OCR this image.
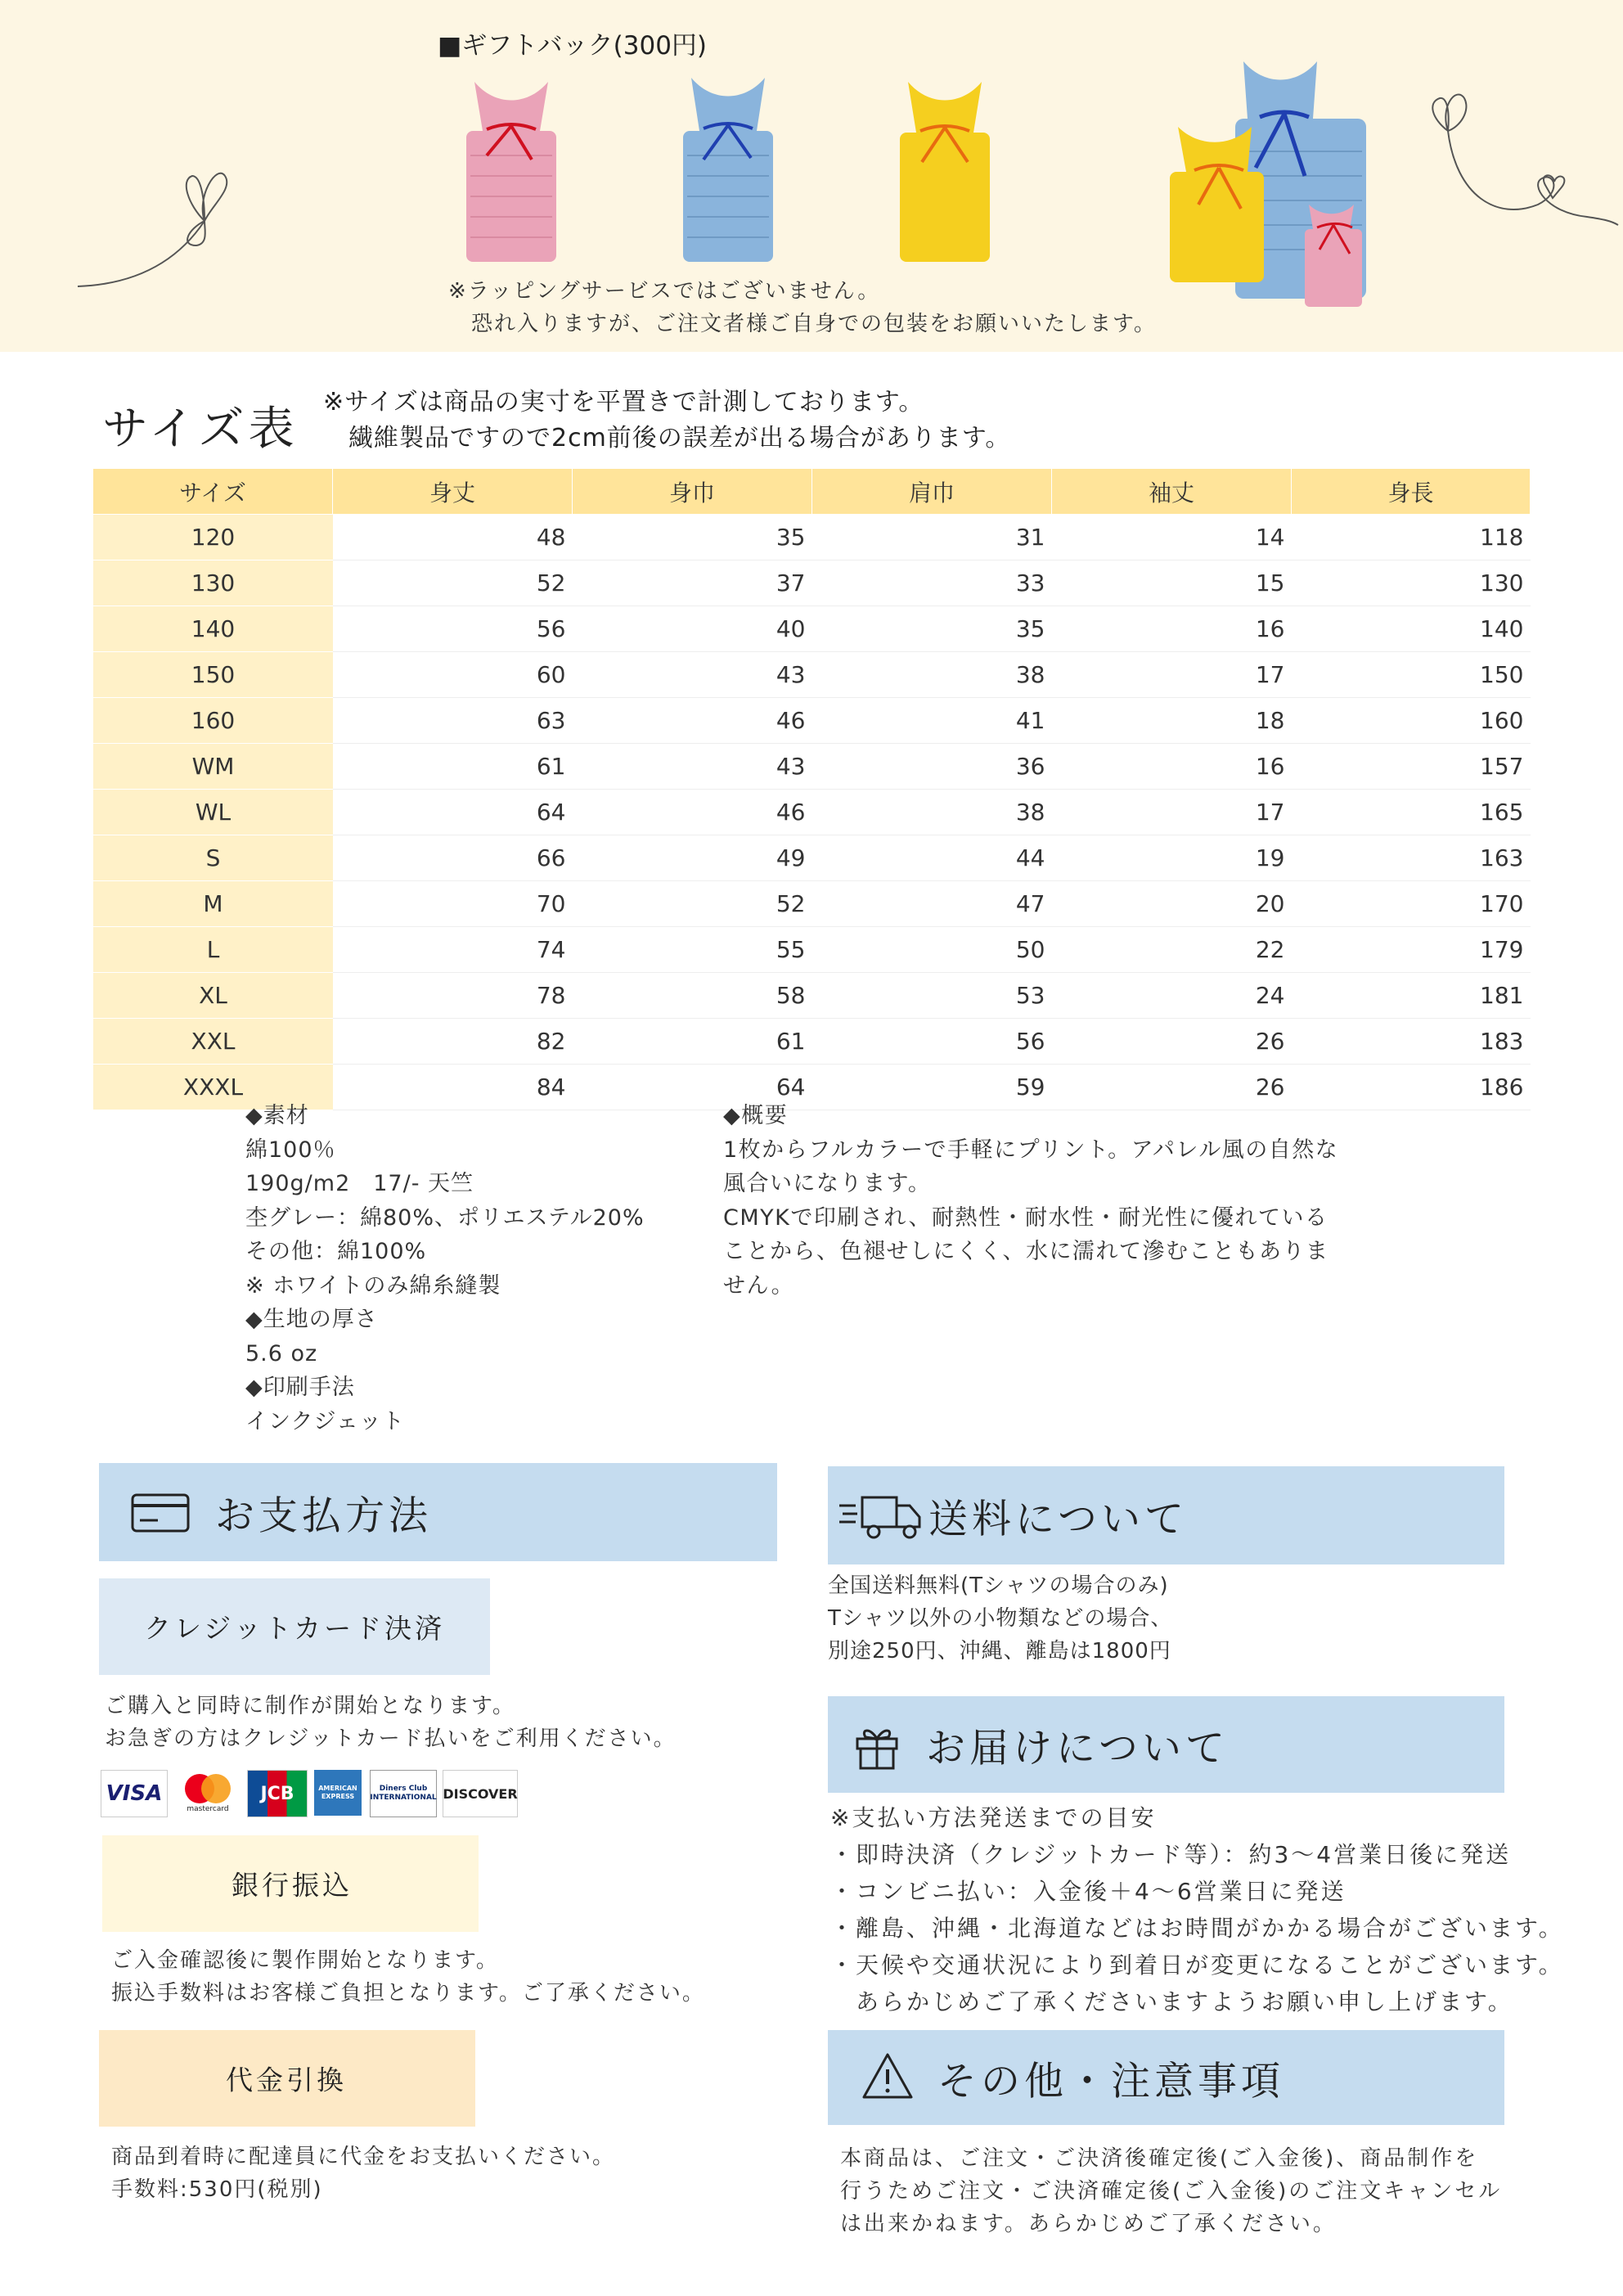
■ギフトバック(300円)
※ラッピングサービスではございません。
　恐れ入りますが、ご注文者様ご自身での包装をお願いいたします。
サイズ表
※サイズは商品の実寸を平置きで計測しております。
　繊維製品ですので2cm前後の誤差が出る場合があります。
サイズ	身丈	身巾	肩巾	袖丈	身長
120	48	35	31	14	118
130	52	37	33	15	130
140	56	40	35	16	140
150	60	43	38	17	150
160	63	46	41	18	160
WM	61	43	36	16	157
WL	64	46	38	17	165
S	66	49	44	19	163
M	70	52	47	20	170
L	74	55	50	22	179
XL	78	58	53	24	181
XXL	82	61	56	26	183
XXXL	84	64	59	26	186
◆素材
綿100％
190g/m2　17/- 天竺
杢グレー：綿80%、ポリエステル20%
その他：綿100%
※ ホワイトのみ綿糸縫製
◆生地の厚さ
5.6 oz
◆印刷手法
インクジェット
◆概要
1枚からフルカラーで手軽にプリント。アパレル風の自然な
風合いになります。
CMYKで印刷され、耐熱性・耐水性・耐光性に優れている
ことから、色褪せしにくく、水に濡れて滲むこともありま
せん。
お支払方法
クレジットカード決済
ご購入と同時に制作が開始となります。
お急ぎの方はクレジットカード払いをご利用ください。
VISA
mastercard
JCB	AMERICAN EXPRESS
Diners Club INTERNATIONAL DISCOVER
銀行振込
ご入金確認後に製作開始となります。
振込手数料はお客様ご負担となります。ご了承ください。
代金引換
商品到着時に配達員に代金をお支払いください。
手数料:530円(税別)
送料について
全国送料無料(Tシャツの場合のみ)
Tシャツ以外の小物類などの場合、
別途250円、沖縄、離島は1800円
お届けについて
※支払い方法発送までの目安
・即時決済（クレジットカード等）：約3～4営業日後に発送
・コンビニ払い：入金後＋4～6営業日に発送
・離島、沖縄・北海道などはお時間がかかる場合がございます。
・天候や交通状況により到着日が変更になることがございます。
　あらかじめご了承くださいますようお願い申し上げます。
その他・注意事項
本商品は、ご注文・ご決済後確定後(ご入金後)、商品制作を
行うためご注文・ご決済確定後(ご入金後)のご注文キャンセル
は出来かねます。あらかじめご了承ください。
